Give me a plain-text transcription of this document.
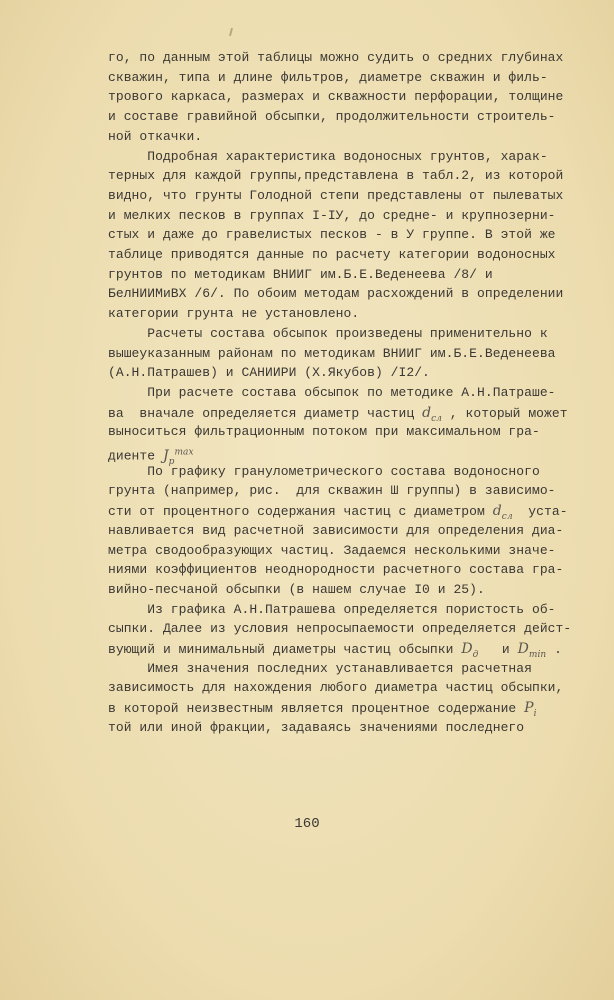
160
го, по данным этой таблицы можно судить о средних глубинах
скважин, типа и длине фильтров, диаметре скважин и филь-
трового каркаса, размерах и скважности перфорации, толщине
и составе гравийной обсыпки, продолжительности строитель-
ной откачки.
Подробная характеристика водоносных грунтов, харак-
терных для каждой группы,представлена в табл.2, из которой
видно, что грунты Голодной степи представлены от пылеватых
и мелких песков в группах I-IУ, до средне- и крупнозерни-
стых и даже до гравелистых песков - в У группе. В этой же
таблице приводятся данные по расчету категории водоносных
грунтов по методикам ВНИИГ им.Б.Е.Веденеева /8/ и
БелНИИМиВХ /6/. По обоим методам расхождений в определении
категории грунта не установлено.
Расчеты состава обсыпок произведены применительно к
вышеуказанным районам по методикам ВНИИГ им.Б.Е.Веденеева
(А.Н.Патрашев) и САНИИРИ (Х.Якубов) /I2/.
При расчете состава обсыпок по методике А.Н.Патраше-
ва  вначале определяется диаметр частиц $d_{сл}$ , который может
выноситься фильтрационным потоком при максимальном гра-
диенте $J_p^{max}$
По графику гранулометрического состава водоносного
грунта (например, рис.  для скважин Ш группы) в зависимо-
сти от процентного содержания частиц с диаметром $d_{сл}$  уста-
навливается вид расчетной зависимости для определения диа-
метра сводообразующих частиц. Задаемся несколькими значе-
ниями коэффициентов неоднородности расчетного состава гра-
вийно-песчаной обсыпки (в нашем случае I0 и 25).
Из графика А.Н.Патрашева определяется пористость об-
сыпки. Далее из условия непросыпаемости определяется дейст-
вующий и минимальный диаметры частиц обсыпки $D_д$   и $D_{min}$ .
Имея значения последних устанавливается расчетная
зависимость для нахождения любого диаметра частиц обсыпки,
в которой неизвестным является процентное содержание $P_i$
той или иной фракции, задаваясь значениями последнего
